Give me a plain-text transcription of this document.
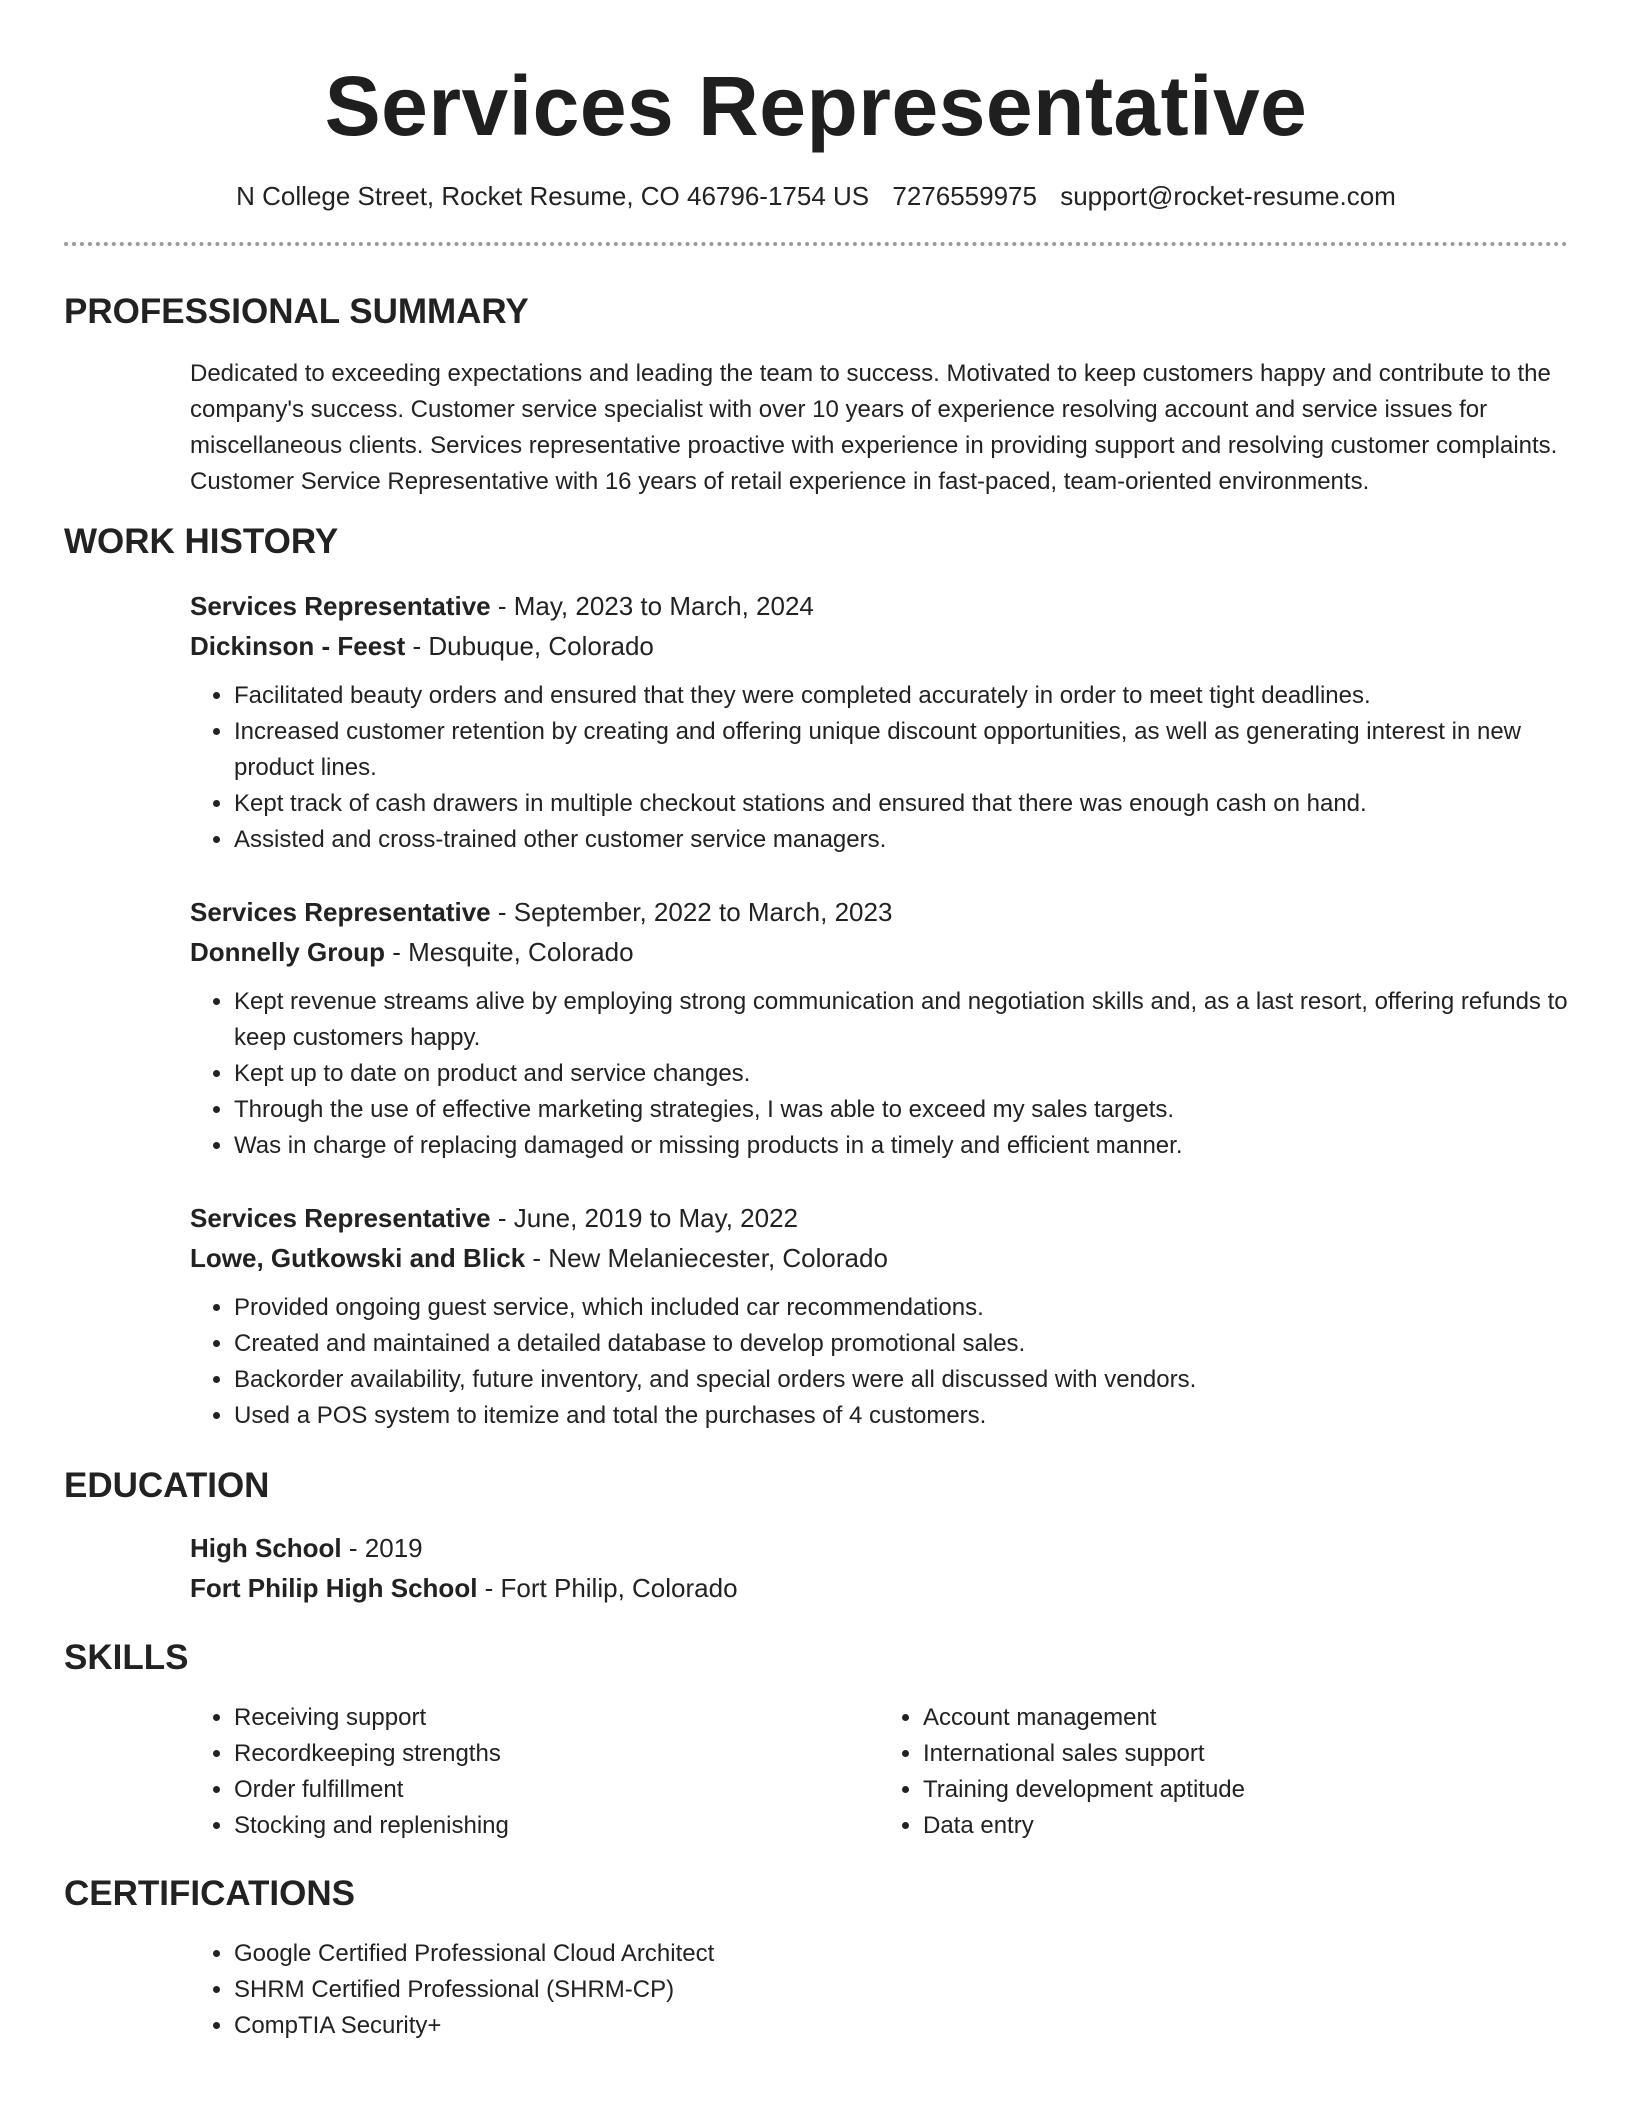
Services Representative
N College Street, Rocket Resume, CO 46796-1754 US 7276559975 support@rocket-resume.com
PROFESSIONAL SUMMARY
Dedicated to exceeding expectations and leading the team to success. Motivated to keep customers happy and contribute to the company's success. Customer service specialist with over 10 years of experience resolving account and service issues for miscellaneous clients. Services representative proactive with experience in providing support and resolving customer complaints. Customer Service Representative with 16 years of retail experience in fast-paced, team-oriented environments.
WORK HISTORY
Services Representative - May, 2023 to March, 2024
Dickinson - Feest - Dubuque, Colorado
• Facilitated beauty orders and ensured that they were completed accurately in order to meet tight deadlines.
• Increased customer retention by creating and offering unique discount opportunities, as well as generating interest in new product lines.
• Kept track of cash drawers in multiple checkout stations and ensured that there was enough cash on hand.
• Assisted and cross-trained other customer service managers.
Services Representative - September, 2022 to March, 2023
Donnelly Group - Mesquite, Colorado
• Kept revenue streams alive by employing strong communication and negotiation skills and, as a last resort, offering refunds to keep customers happy.
• Kept up to date on product and service changes.
• Through the use of effective marketing strategies, I was able to exceed my sales targets.
• Was in charge of replacing damaged or missing products in a timely and efficient manner.
Services Representative - June, 2019 to May, 2022
Lowe, Gutkowski and Blick - New Melaniecester, Colorado
• Provided ongoing guest service, which included car recommendations.
• Created and maintained a detailed database to develop promotional sales.
• Backorder availability, future inventory, and special orders were all discussed with vendors.
• Used a POS system to itemize and total the purchases of 4 customers.
EDUCATION
High School - 2019
Fort Philip High School - Fort Philip, Colorado
SKILLS
• Receiving support
• Recordkeeping strengths
• Order fulfillment
• Stocking and replenishing
• Account management
• International sales support
• Training development aptitude
• Data entry
CERTIFICATIONS
• Google Certified Professional Cloud Architect
• SHRM Certified Professional (SHRM-CP)
• CompTIA Security+
